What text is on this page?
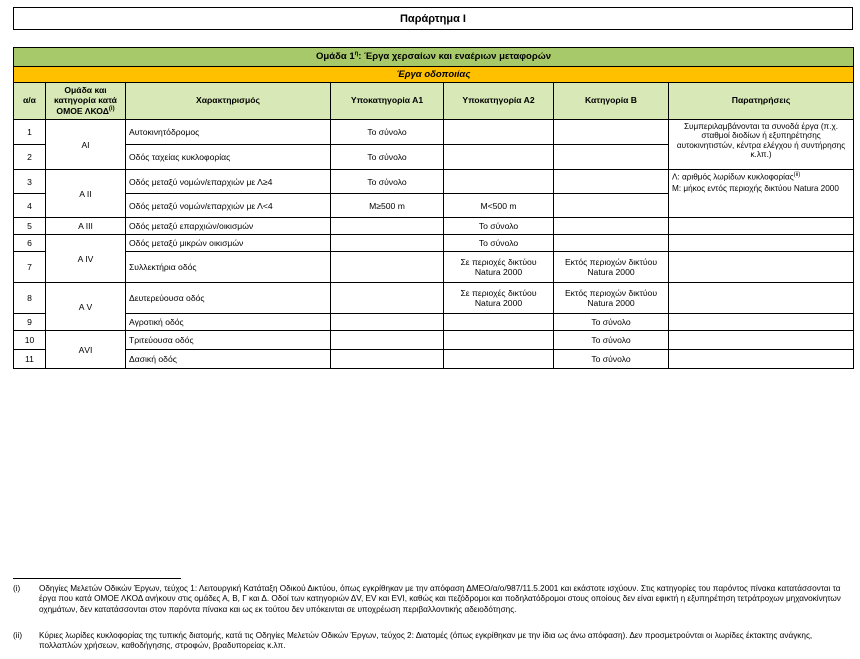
Παράρτημα Ι
Ομάδα $1^\eta$: Έργα χερσαίων και εναέριων μεταφορών						
Έργα οδοποιίας						
α/α	Ομάδα και κατηγορία κατά ΟΜΟΕ ΛΚΟΔ$^{(i)}$	Χαρακτηρισμός	Υποκατηγορία Α1	Υποκατηγορία Α2	Κατηγορία Β	Παρατηρήσεις
1	ΑΙ	Αυτοκινητόδρομος	Το σύνολο			Συμπεριλαμβάνονται τα συνοδά έργα (π.χ. σταθμοί διοδίων ή εξυπηρέτησης αυτοκινητιστών, κέντρα ελέγχου ή συντήρησης κ.λπ.)
2		Οδός ταχείας κυκλοφορίας	Το σύνολο			
3	Α ΙΙ	Οδός μεταξύ νομών/επαρχιών με Λ≥4	Το σύνολο			Λ: αριθμός λωρίδων κυκλοφορίας$^{(ii)}$
Μ: μήκος εντός περιοχής δικτύου Natura 2000

4		Οδός μεταξύ νομών/επαρχιών με Λ<4	Μ≥500 m	Μ<500 m		
5	Α ΙΙΙ	Οδός μεταξύ επαρχιών/οικισμών		Το σύνολο		
6	Α ΙV	Οδός μεταξύ μικρών οικισμών		Το σύνολο		
7		Συλλεκτήρια οδός		Σε περιοχές δικτύου Natura 2000	Εκτός περιοχών δικτύου Natura 2000	
8	Α V	Δευτερεύουσα οδός		Σε περιοχές δικτύου Natura 2000	Εκτός περιοχών δικτύου Natura 2000	
9		Αγροτική οδός			Το σύνολο	
10	ΑVΙ	Τριτεύουσα οδός			Το σύνολο	
11		Δασική οδός			Το σύνολο	
(i)	Οδηγίες Μελετών Οδικών Έργων, τεύχος 1: Λειτουργική Κατάταξη Οδικού Δικτύου, όπως εγκρίθηκαν με την απόφαση ΔΜΕΟ/α/ο/987/11.5.2001 και εκάστοτε ισχύουν. Στις κατηγορίες του παρόντος πίνακα κατατάσσονται τα έργα που κατά ΟΜΟΕ ΛΚΟΔ ανήκουν στις ομάδες Α, Β, Γ και Δ. Οδοί των κατηγοριών ΔV, ΕV και ΕVΙ, καθώς και πεζόδρομοι και ποδηλατόδρομοι στους οποίους δεν είναι εφικτή η εξυπηρέτηση τετράτροχων μηχανοκίνητων οχημάτων, δεν κατατάσσονται στον παρόντα πίνακα και ως εκ τούτου δεν υπόκεινται σε υποχρέωση περιβαλλοντικής αδειοδότησης.
(ii)	Κύριες λωρίδες κυκλοφορίας της τυπικής διατομής, κατά τις Οδηγίες Μελετών Οδικών Έργων, τεύχος 2: Διατομές (όπως εγκρίθηκαν με την ίδια ως άνω απόφαση). Δεν προσμετρούνται οι λωρίδες έκτακτης ανάγκης, πολλαπλών χρήσεων, καθοδήγησης, στροφών, βραδυπορείας κ.λπ.
